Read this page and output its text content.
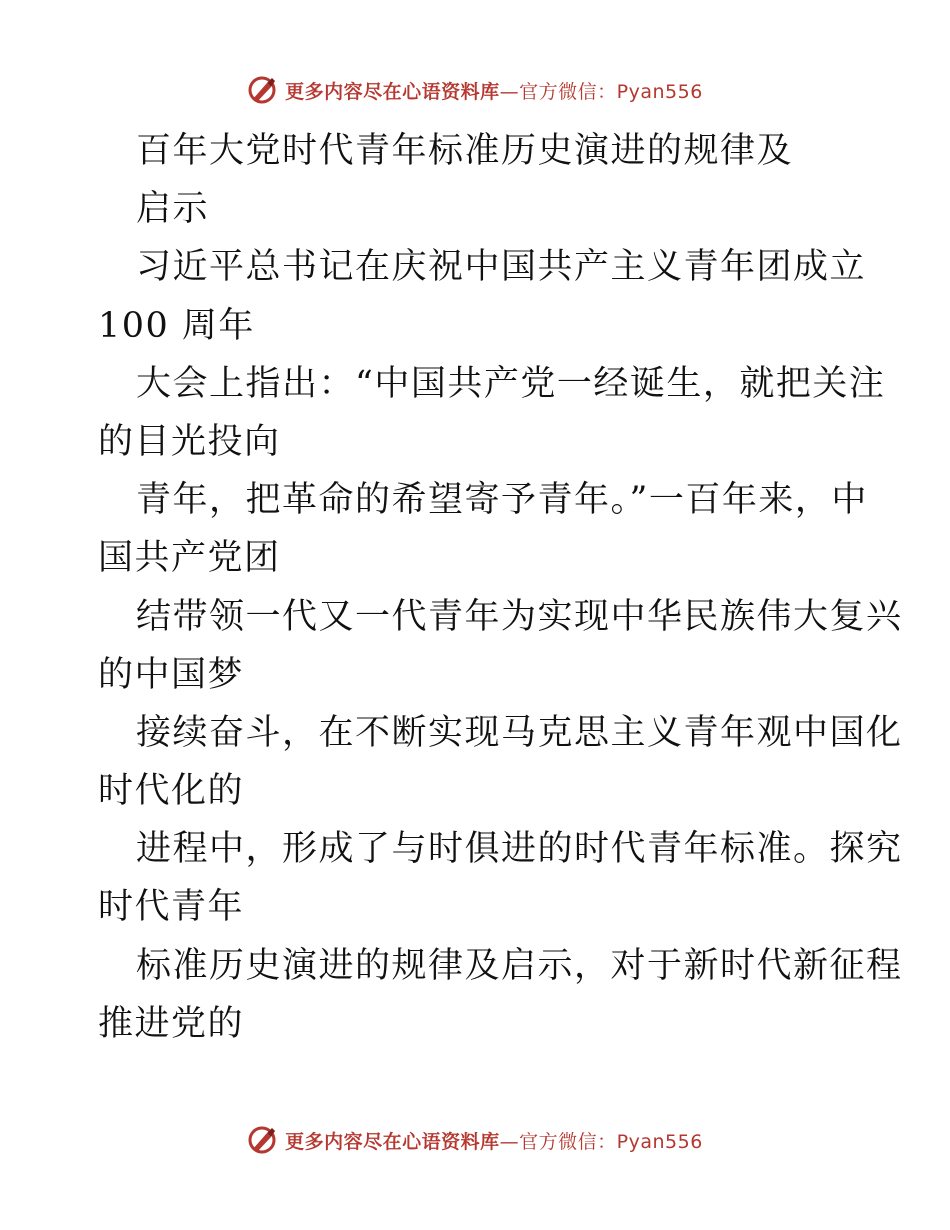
更多内容尽在心语资料库—官方微信：Pyan556
百年大党时代青年标准历史演进的规律及
启示
习近平总书记在庆祝中国共产主义青年团成立
100 周年
大会上指出：“中国共产党一经诞生，就把关注
的目光投向
青年，把革命的希望寄予青年。”一百年来，中
国共产党团
结带领一代又一代青年为实现中华民族伟大复兴
的中国梦
接续奋斗，在不断实现马克思主义青年观中国化
时代化的
进程中，形成了与时俱进的时代青年标准。探究
时代青年
标准历史演进的规律及启示，对于新时代新征程
推进党的
更多内容尽在心语资料库—官方微信：Pyan556
